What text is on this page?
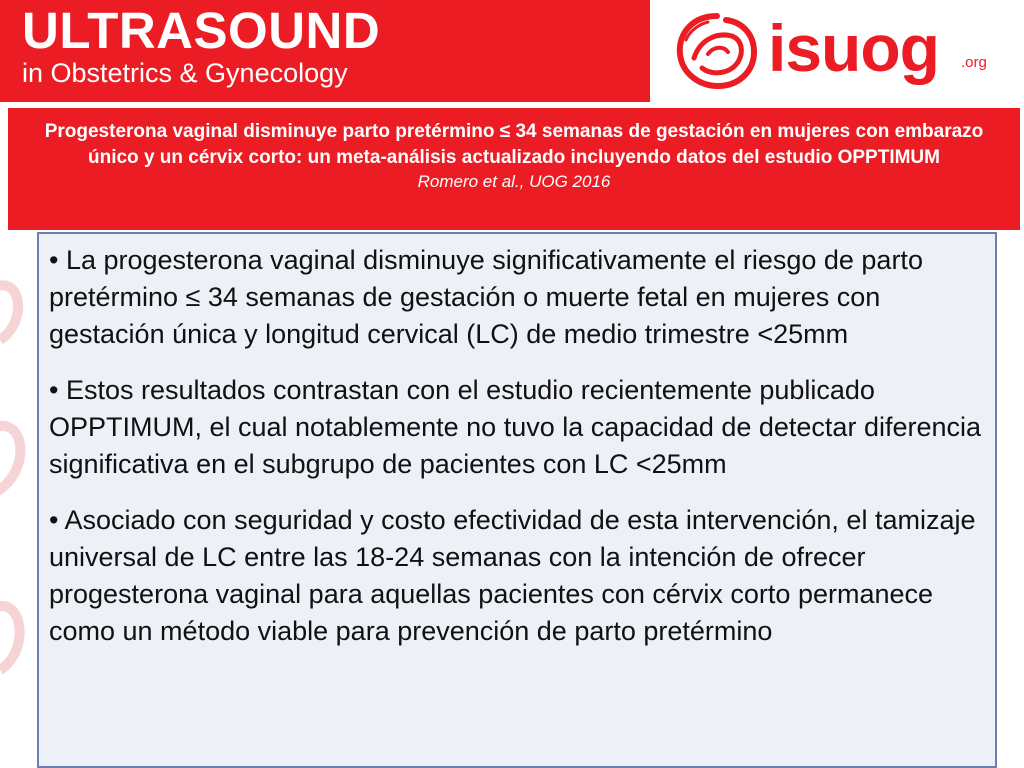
ULTRASOUND
in Obstetrics & Gynecology	isuog .org
Progesterona vaginal disminuye parto pretérmino ≤ 34 semanas de gestación en mujeres con embarazo único y un cérvix corto: un meta-análisis actualizado incluyendo datos del estudio OPPTIMUM
Romero et al., UOG 2016
• La progesterona vaginal disminuye significativamente el riesgo de parto pretérmino ≤ 34 semanas de gestación o muerte fetal en mujeres con gestación única y longitud cervical (LC) de medio trimestre <25mm
• Estos resultados contrastan con el estudio recientemente publicado OPPTIMUM, el cual notablemente no tuvo la capacidad de detectar diferencia significativa en el subgrupo de pacientes con LC <25mm
• Asociado con seguridad y costo efectividad de esta intervención, el tamizaje universal de LC entre las 18-24 semanas con la intención de ofrecer progesterona vaginal para aquellas pacientes con cérvix corto permanece como un método viable para prevención de parto pretérmino
